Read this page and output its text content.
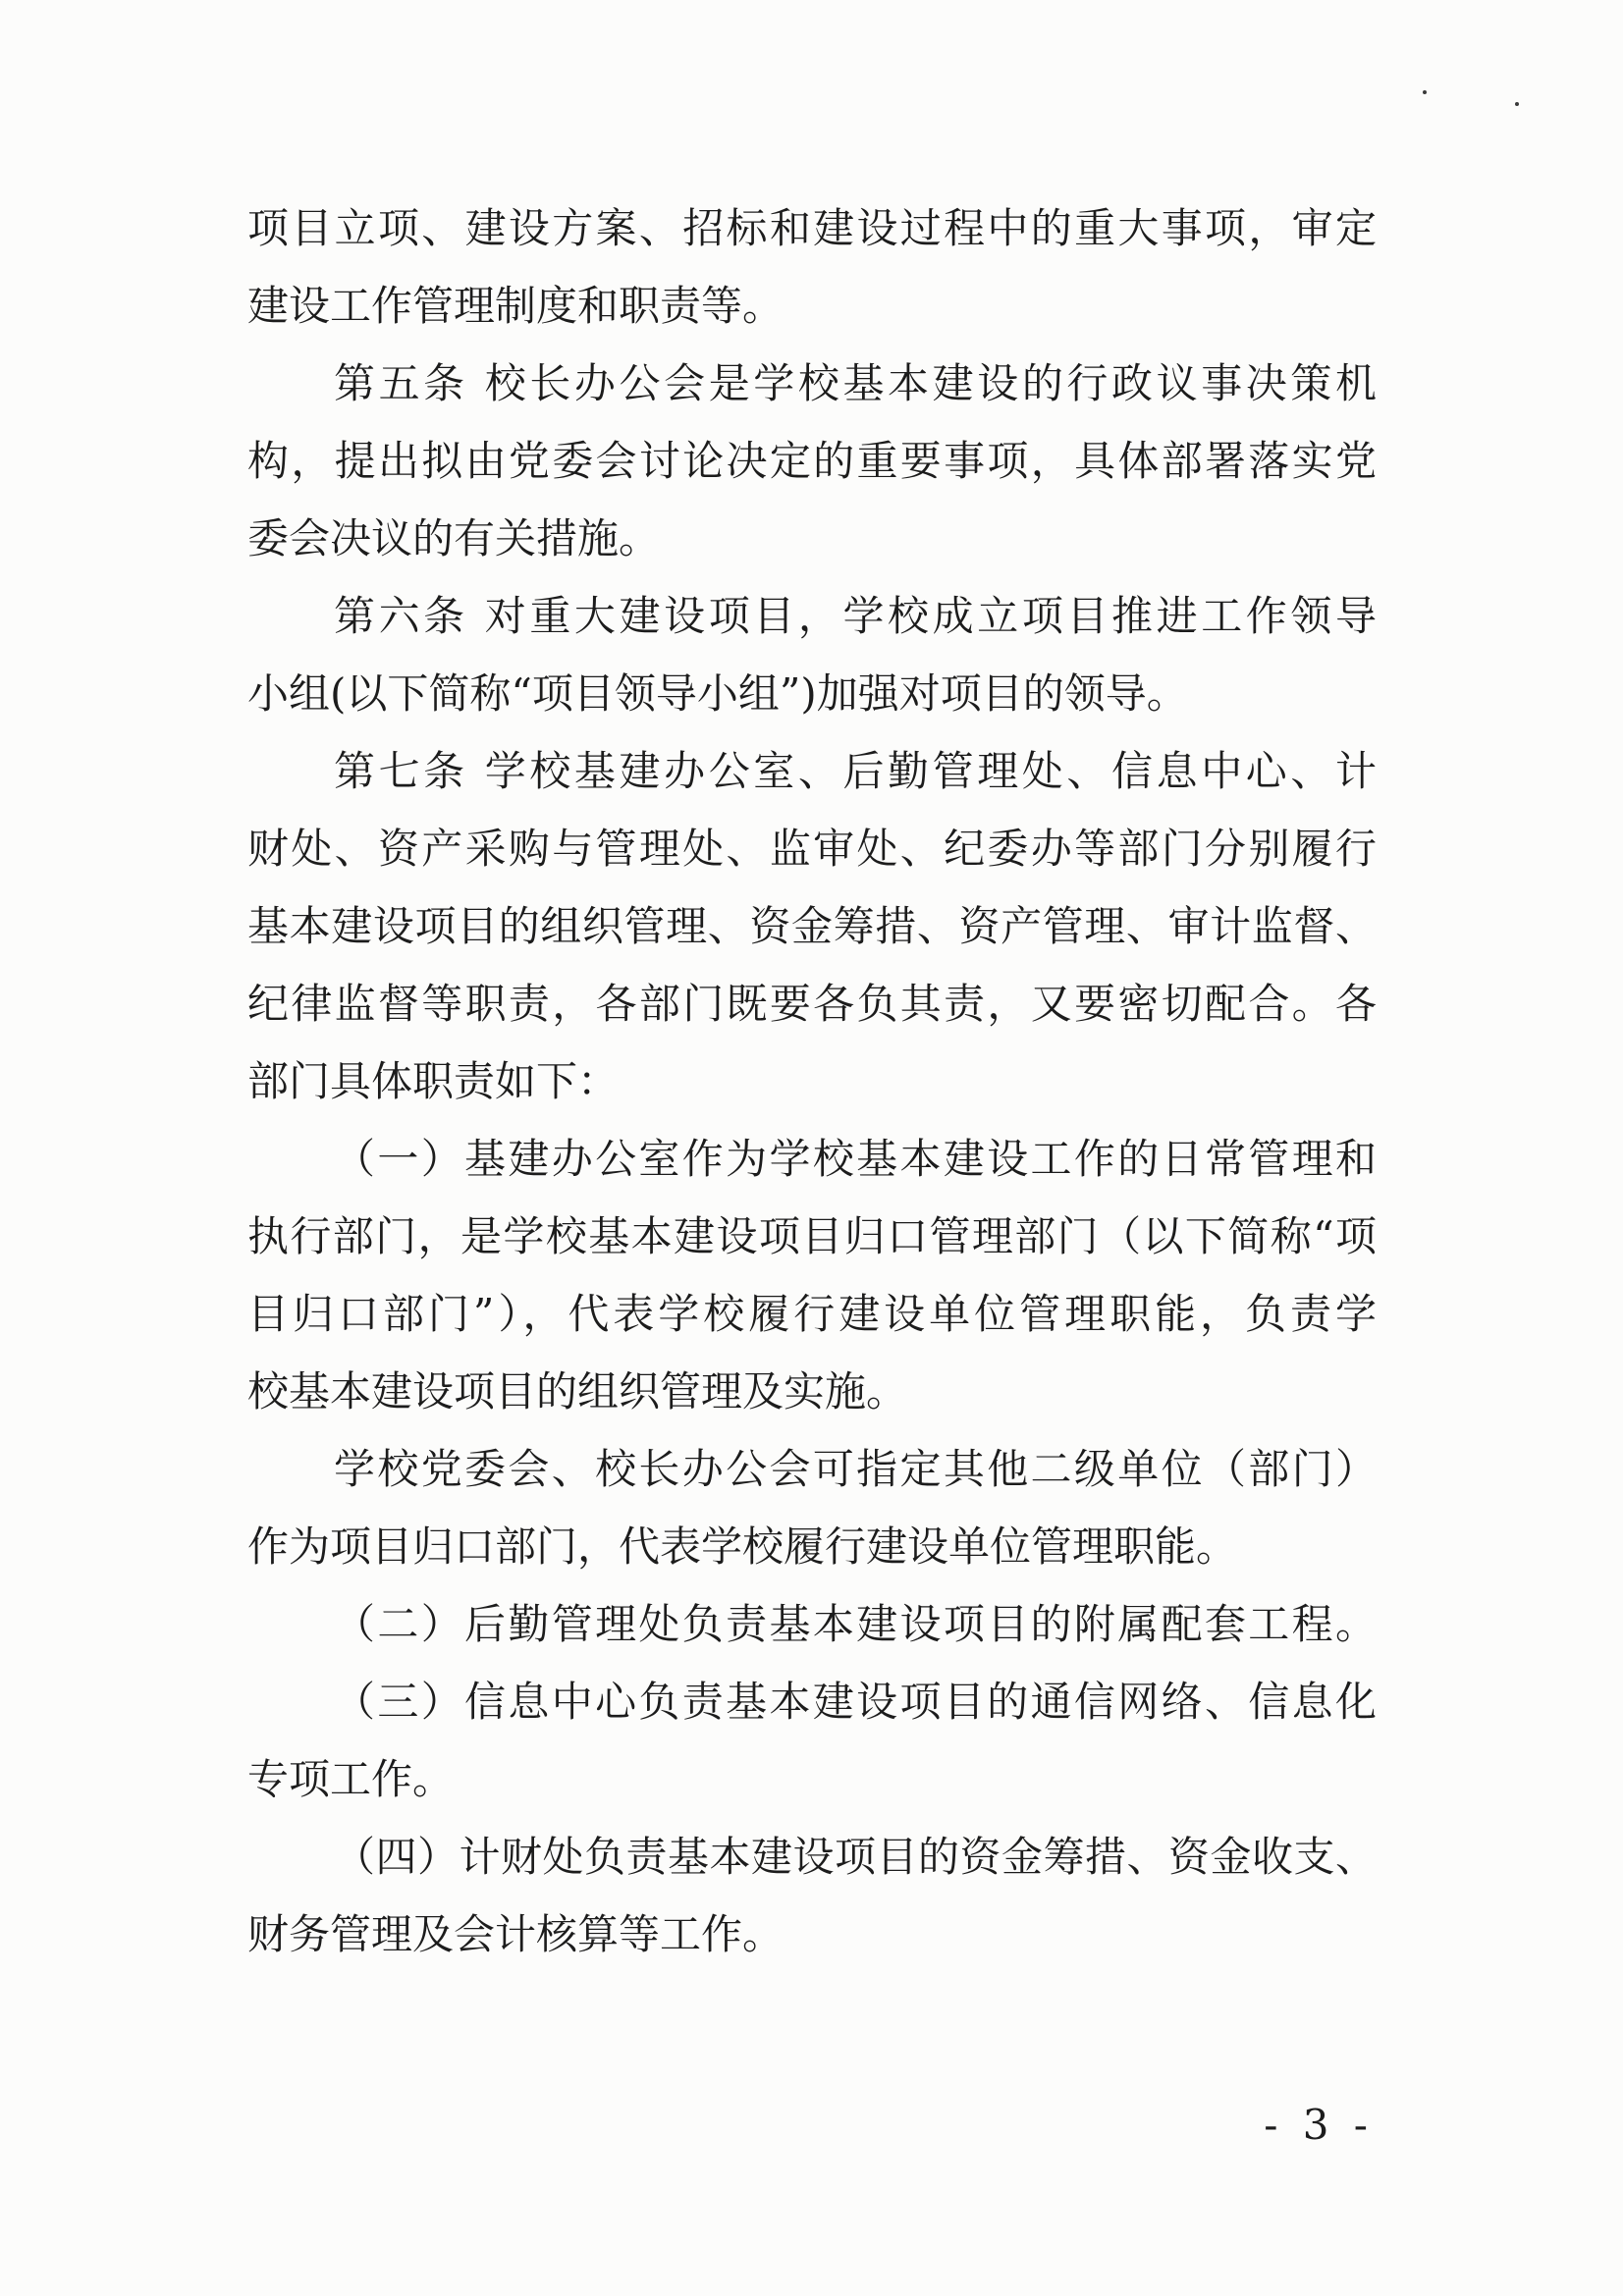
项目立项、建设方案、招标和建设过程中的重大事项，审定
建设工作管理制度和职责等。
第五条 校长办公会是学校基本建设的行政议事决策机
构，提出拟由党委会讨论决定的重要事项，具体部署落实党
委会决议的有关措施。
第六条 对重大建设项目，学校成立项目推进工作领导
小组(以下简称“项目领导小组”)加强对项目的领导。
第七条 学校基建办公室、后勤管理处、信息中心、计
财处、资产采购与管理处、监审处、纪委办等部门分别履行
基本建设项目的组织管理、资金筹措、资产管理、审计监督、
纪律监督等职责，各部门既要各负其责，又要密切配合。各
部门具体职责如下：
（一）基建办公室作为学校基本建设工作的日常管理和
执行部门，是学校基本建设项目归口管理部门（以下简称“项
目归口部门”），代表学校履行建设单位管理职能，负责学
校基本建设项目的组织管理及实施。
学校党委会、校长办公会可指定其他二级单位（部门）
作为项目归口部门，代表学校履行建设单位管理职能。
（二）后勤管理处负责基本建设项目的附属配套工程。
（三）信息中心负责基本建设项目的通信网络、信息化
专项工作。
（四）计财处负责基本建设项目的资金筹措、资金收支、
财务管理及会计核算等工作。
- 3 -
